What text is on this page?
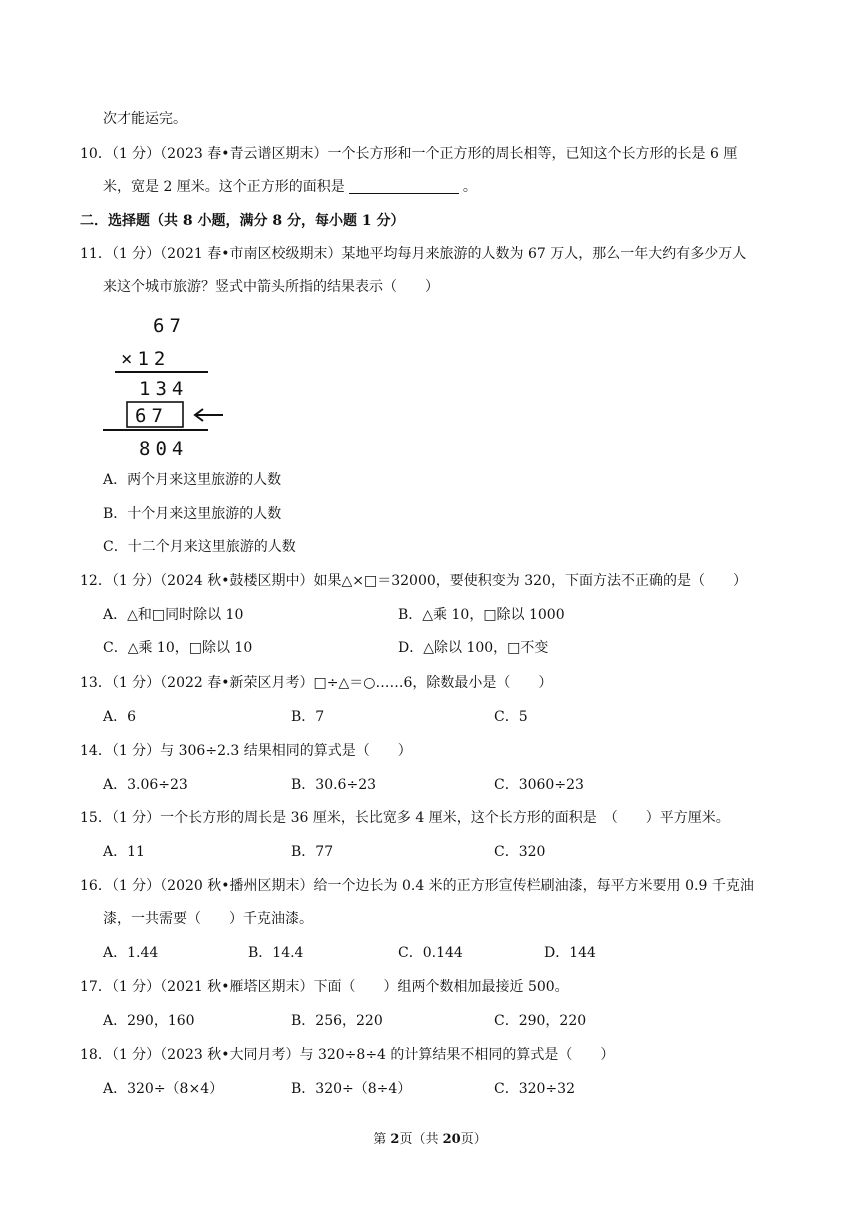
次才能运完。
10．（1 分）（2023 春•青云谱区期末）一个长方形和一个正方形的周长相等，已知这个长方形的长是 6 厘
米，宽是 2 厘米。这个正方形的面积是	。
二．选择题（共 8 小题，满分 8 分，每小题 1 分）
11．（1 分）（2021 春•市南区校级期末）某地平均每月来旅游的人数为 67 万人，那么一年大约有多少万人
来这个城市旅游？竖式中箭头所指的结果表示（　　）
67
×12
134
67
804
A．两个月来这里旅游的人数
B．十个月来这里旅游的人数
C．十二个月来这里旅游的人数
12．（1 分）（2024 秋•鼓楼区期中）如果△×□＝32000，要使积变为 320，下面方法不正确的是（　　）
A．△和□同时除以 10	B．△乘 10，□除以 1000
C．△乘 10，□除以 10	D．△除以 100，□不变
13．（1 分）（2022 春•新荣区月考）□÷△＝○……6，除数最小是（　　）
A．6	B．7	C．5
14．（1 分）与 306÷2.3 结果相同的算式是（　　）
A．3.06÷23	B．30.6÷23	C．3060÷23
15．（1 分）一个长方形的周长是 36 厘米，长比宽多 4 厘米，这个长方形的面积是　（　　）平方厘米。
A．11	B．77	C．320
16．（1 分）（2020 秋•播州区期末）给一个边长为 0.4 米的正方形宣传栏刷油漆，每平方米要用 0.9 千克油
漆，一共需要（　　）千克油漆。
A．1.44	B．14.4	C．0.144	D．144
17．（1 分）（2021 秋•雁塔区期末）下面（　　）组两个数相加最接近 500。
A．290，160	B．256，220	C．290，220
18．（1 分）（2023 秋•大同月考）与 320÷8÷4 的计算结果不相同的算式是（　　）
A．320÷（8×4）	B．320÷（8÷4）	C．320÷32
第 2页（共 20页）
